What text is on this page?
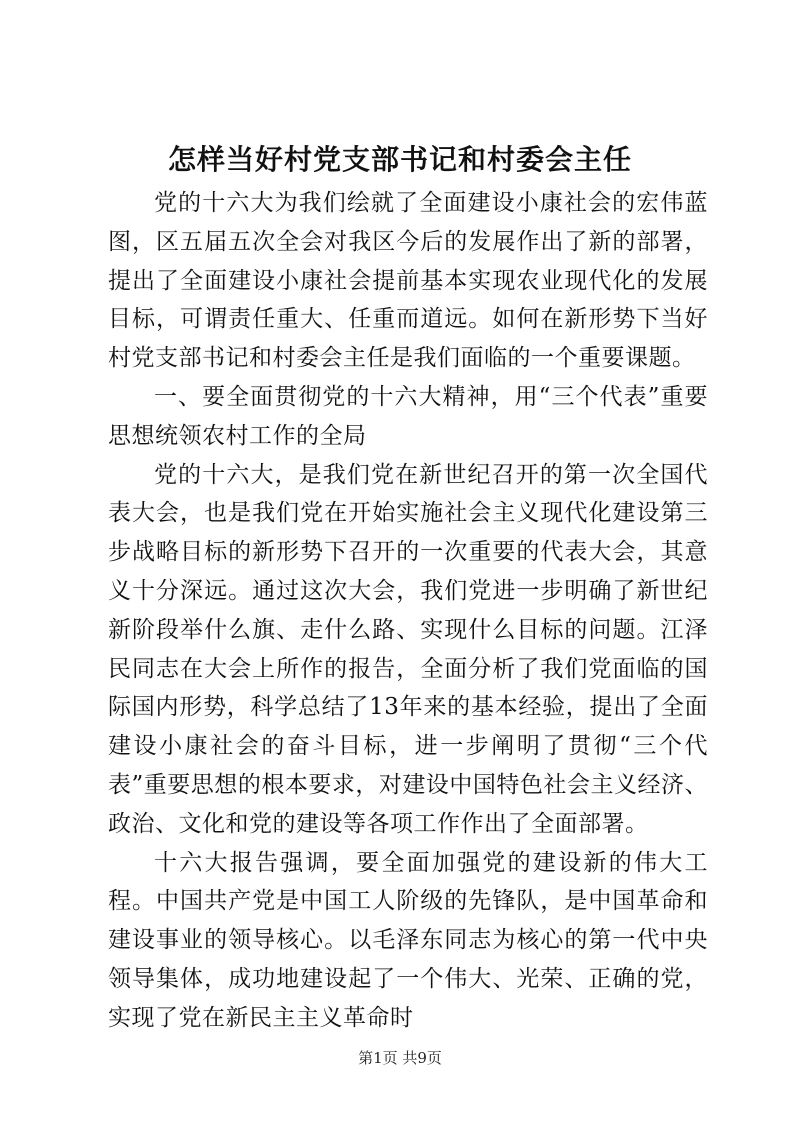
怎样当好村党支部书记和村委会主任

党的十六大为我们绘就了全面建设小康社会的宏伟蓝图，区五届五次全会对我区今后的发展作出了新的部署，提出了全面建设小康社会提前基本实现农业现代化的发展目标，可谓责任重大、任重而道远。如何在新形势下当好村党支部书记和村委会主任是我们面临的一个重要课题。

一、要全面贯彻党的十六大精神，用“三个代表”重要思想统领农村工作的全局

党的十六大，是我们党在新世纪召开的第一次全国代表大会，也是我们党在开始实施社会主义现代化建设第三步战略目标的新形势下召开的一次重要的代表大会，其意义十分深远。通过这次大会，我们党进一步明确了新世纪新阶段举什么旗、走什么路、实现什么目标的问题。江泽民同志在大会上所作的报告，全面分析了我们党面临的国际国内形势，科学总结了13年来的基本经验，提出了全面建设小康社会的奋斗目标，进一步阐明了贯彻“三个代表”重要思想的根本要求，对建设中国特色社会主义经济、政治、文化和党的建设等各项工作作出了全面部署。

十六大报告强调，要全面加强党的建设新的伟大工程。中国共产党是中国工人阶级的先锋队，是中国革命和建设事业的领导核心。以毛泽东同志为核心的第一代中央领导集体，成功地建设起了一个伟大、光荣、正确的党，实现了党在新民主主义革命时

第1页 共9页
